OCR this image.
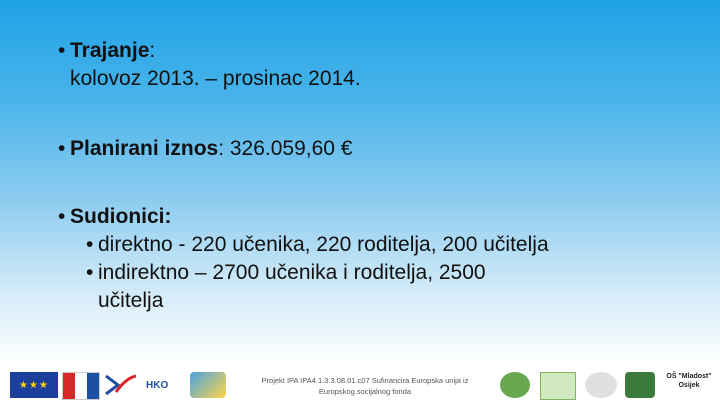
• Trajanje:
kolovoz 2013. – prosinac 2014.
• Planirani iznos: 326.059,60 €
• Sudionici:
• direktno - 220 učenika, 220 roditelja, 200 učitelja
• indirektno – 2700 učenika i roditelja, 2500
učitelja
★★★	HKO	Projekt IPA IPA4.1.3.3.08.01.c07 Sufinancira Europska unija iz
Europskog socijalnog fonda
OŠ "Mladost"
Osijek
